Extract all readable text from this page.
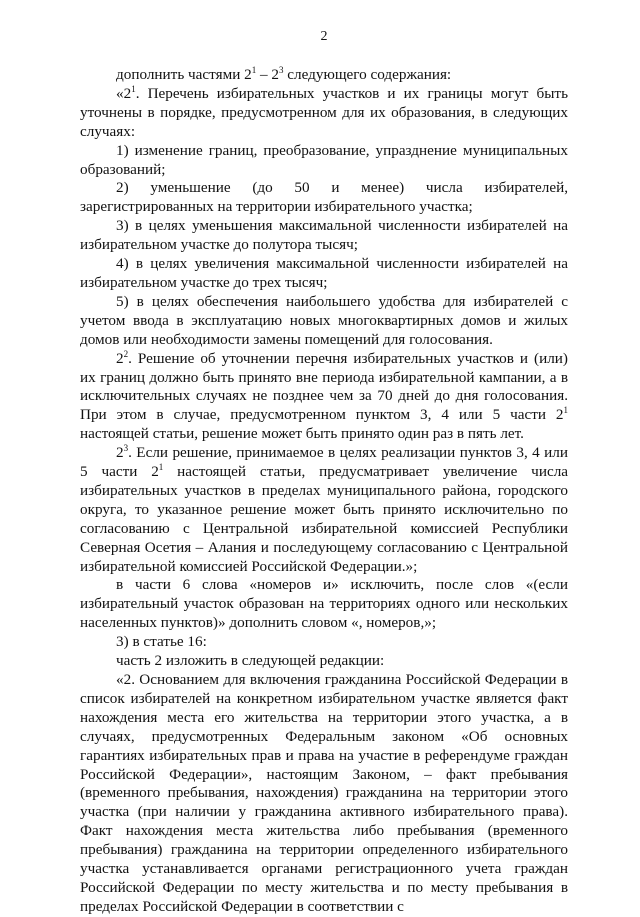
2

дополнить частями $2^1 - 2^3$ следующего содержания:

«$2^1$. Перечень избирательных участков и их границы могут быть уточнены в порядке, предусмотренном для их образования, в следующих случаях:

1) изменение границ, преобразование, упразднение муниципальных образований;

2) уменьшение (до 50 и менее) числа избирателей, зарегистрированных на территории избирательного участка;

3) в целях уменьшения максимальной численности избирателей на избирательном участке до полутора тысяч;

4) в целях увеличения максимальной численности избирателей на избирательном участке до трех тысяч;

5) в целях обеспечения наибольшего удобства для избирателей с учетом ввода в эксплуатацию новых многоквартирных домов и жилых домов или необходимости замены помещений для голосования.

$2^2$. Решение об уточнении перечня избирательных участков и (или) их границ должно быть принято вне периода избирательной кампании, а в исключительных случаях не позднее чем за 70 дней до дня голосования. При этом в случае, предусмотренном пунктом 3, 4 или 5 части $2^1$ настоящей статьи, решение может быть принято один раз в пять лет.

$2^3$. Если решение, принимаемое в целях реализации пунктов 3, 4 или 5 части $2^1$ настоящей статьи, предусматривает увеличение числа избирательных участков в пределах муниципального района, городского округа, то указанное решение может быть принято исключительно по согласованию с Центральной избирательной комиссией Республики Северная Осетия – Алания и последующему согласованию с Центральной избирательной комиссией Российской Федерации.»;

в части 6 слова «номеров и» исключить, после слов «(если избирательный участок образован на территориях одного или нескольких населенных пунктов)» дополнить словом «, номеров,»;

3) в статье 16:

часть 2 изложить в следующей редакции:

«2. Основанием для включения гражданина Российской Федерации в список избирателей на конкретном избирательном участке является факт нахождения места его жительства на территории этого участка, а в случаях, предусмотренных Федеральным законом «Об основных гарантиях избирательных прав и права на участие в референдуме граждан Российской Федерации», настоящим Законом, – факт пребывания (временного пребывания, нахождения) гражданина на территории этого участка (при наличии у гражданина активного избирательного права). Факт нахождения места жительства либо пребывания (временного пребывания) гражданина на территории определенного избирательного участка устанавливается органами регистрационного учета граждан Российской Федерации по месту жительства и по месту пребывания в пределах Российской Федерации в соответствии с
